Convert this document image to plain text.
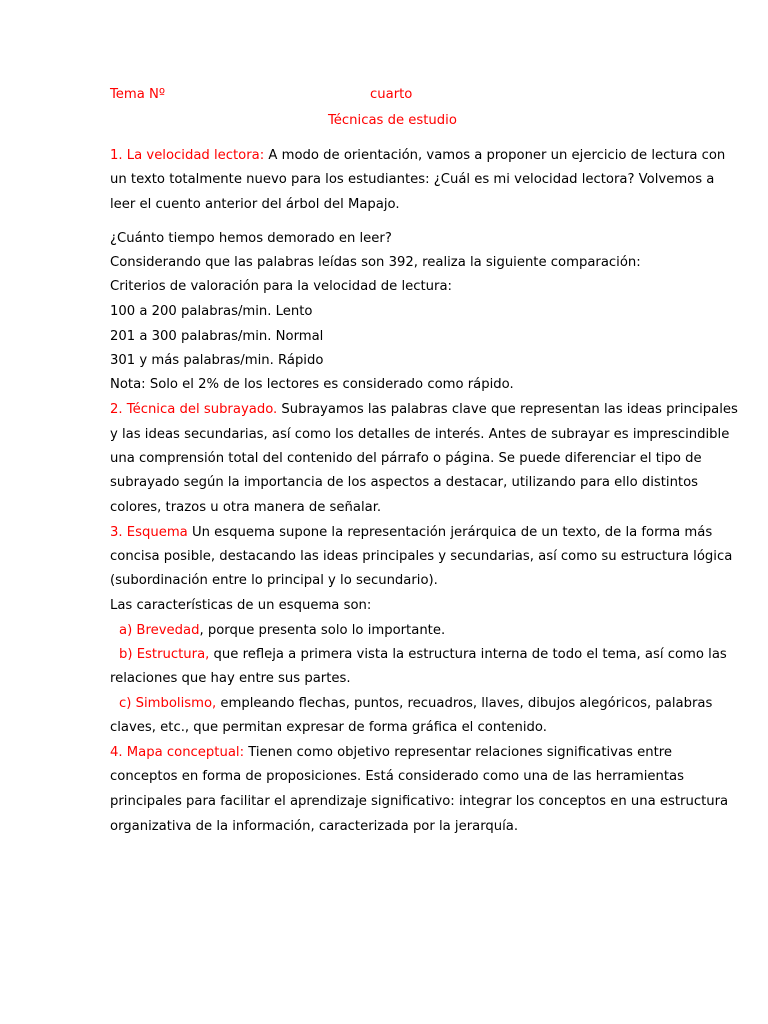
Tema Nº	cuarto
Técnicas de estudio
1. La velocidad lectora: A modo de orientación, vamos a proponer un ejercicio de lectura con
un texto totalmente nuevo para los estudiantes: ¿Cuál es mi velocidad lectora? Volvemos a
leer el cuento anterior del árbol del Mapajo.
¿Cuánto tiempo hemos demorado en leer?
Considerando que las palabras leídas son 392, realiza la siguiente comparación:
Criterios de valoración para la velocidad de lectura:
100 a 200 palabras/min. Lento
201 a 300 palabras/min. Normal
301 y más palabras/min. Rápido
Nota: Solo el 2% de los lectores es considerado como rápido.
2. Técnica del subrayado. Subrayamos las palabras clave que representan las ideas principales
y las ideas secundarias, así como los detalles de interés. Antes de subrayar es imprescindible
una comprensión total del contenido del párrafo o página. Se puede diferenciar el tipo de
subrayado según la importancia de los aspectos a destacar, utilizando para ello distintos
colores, trazos u otra manera de señalar.
3. Esquema Un esquema supone la representación jerárquica de un texto, de la forma más
concisa posible, destacando las ideas principales y secundarias, así como su estructura lógica
(subordinación entre lo principal y lo secundario).
Las características de un esquema son:
a) Brevedad, porque presenta solo lo importante.
b) Estructura, que refleja a primera vista la estructura interna de todo el tema, así como las
relaciones que hay entre sus partes.
c) Simbolismo, empleando flechas, puntos, recuadros, llaves, dibujos alegóricos, palabras
claves, etc., que permitan expresar de forma gráfica el contenido.
4. Mapa conceptual: Tienen como objetivo representar relaciones significativas entre
conceptos en forma de proposiciones. Está considerado como una de las herramientas
principales para facilitar el aprendizaje significativo: integrar los conceptos en una estructura
organizativa de la información, caracterizada por la jerarquía.
